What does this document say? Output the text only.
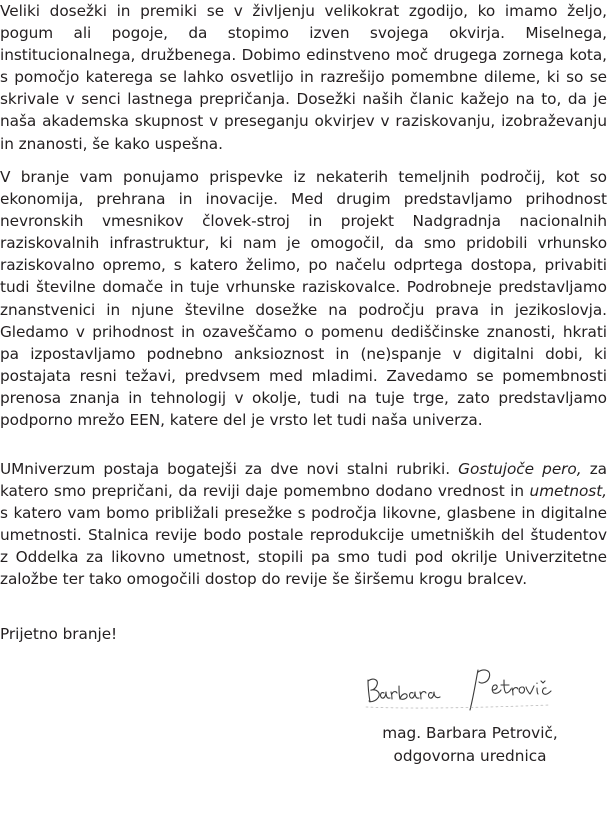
Veliki dosežki in premiki se v življenju velikokrat zgodijo, ko imamo željo, pogum ali pogoje, da stopimo izven svojega okvirja. Miselnega, institucionalnega, družbenega. Dobimo edinstveno moč drugega zornega kota, s pomočjo katerega se lahko osvetlijo in razrešijo pomembne dileme, ki so se skrivale v senci lastnega prepričanja. Dosežki naših članic kažejo na to, da je naša akademska skupnost v preseganju okvirjev v raziskovanju, izobraževanju in znanosti, še kako uspešna.

V branje vam ponujamo prispevke iz nekaterih temeljnih področij, kot so ekonomija, prehrana in inovacije. Med drugim predstavljamo prihodnost nevronskih vmesnikov človek-stroj in projekt Nadgradnja nacionalnih raziskovalnih infrastruktur, ki nam je omogočil, da smo pridobili vrhunsko raziskovalno opremo, s katero želimo, po načelu odprtega dostopa, privabiti tudi številne domače in tuje vrhunske raziskovalce. Podrobneje predstavljamo znanstvenici in njune številne dosežke na področju prava in jezikoslovja. Gledamo v prihodnost in ozaveščamo o pomenu dediščinske znanosti, hkrati pa izpostavljamo podnebno anksioznost in (ne)spanje v digitalni dobi, ki postajata resni težavi, predvsem med mladimi. Zavedamo se pomembnosti prenosa znanja in tehnologij v okolje, tudi na tuje trge, zato predstavljamo podporno mrežo EEN, katere del je vrsto let tudi naša univerza.

UMniverzum postaja bogatejši za dve novi stalni rubriki. Gostujoče pero, za katero smo prepričani, da reviji daje pomembno dodano vrednost in umetnost, s katero vam bomo približali presežke s področja likovne, glasbene in digitalne umetnosti. Stalnica revije bodo postale reprodukcije umetniških del študentov z Oddelka za likovno umetnost, stopili pa smo tudi pod okrilje Univerzitetne založbe ter tako omogočili dostop do revije še širšemu krogu bralcev.

Prijetno branje!

mag. Barbara Petrovič,
odgovorna urednica
